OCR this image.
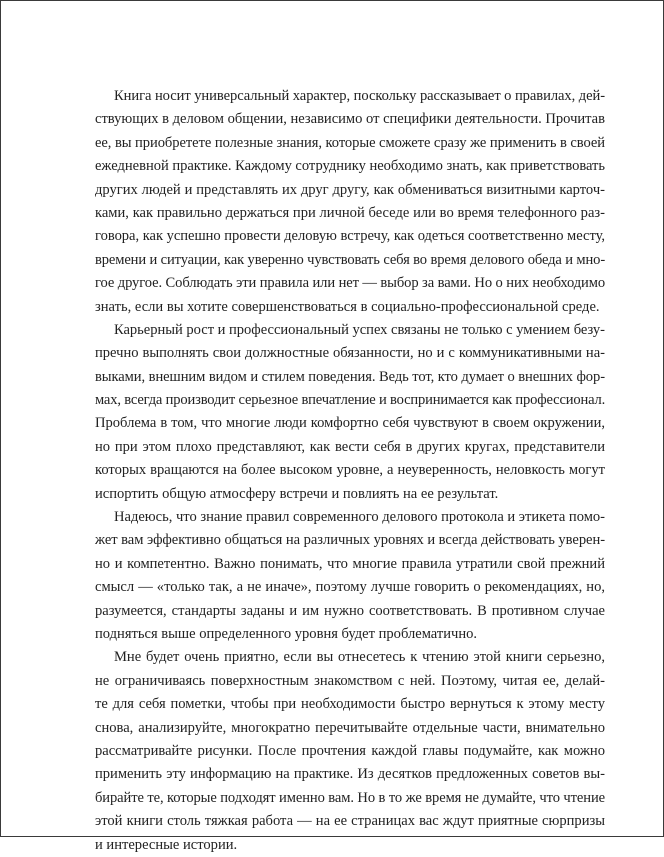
Книга носит универсальный характер, поскольку рассказывает о правилах, дей-
ствующих в деловом общении, независимо от специфики деятельности. Прочитав
ее, вы приобретете полезные знания, которые сможете сразу же применить в своей
ежедневной практике. Каждому сотруднику необходимо знать, как приветствовать
других людей и представлять их друг другу, как обмениваться визитными карточ-
ками, как правильно держаться при личной беседе или во время телефонного раз-
говора, как успешно провести деловую встречу, как одеться соответственно месту,
времени и ситуации, как уверенно чувствовать себя во время делового обеда и мно-
гое другое. Соблюдать эти правила или нет — выбор за вами. Но о них необходимо
знать, если вы хотите совершенствоваться в социально-профессиональной среде.
Карьерный рост и профессиональный успех связаны не только с умением безу-
пречно выполнять свои должностные обязанности, но и с коммуникативными на-
выками, внешним видом и стилем поведения. Ведь тот, кто думает о внешних фор-
мах, всегда производит серьезное впечатление и воспринимается как профессионал.
Проблема в том, что многие люди комфортно себя чувствуют в своем окружении,
но при этом плохо представляют, как вести себя в других кругах, представители
которых вращаются на более высоком уровне, а неуверенность, неловкость могут
испортить общую атмосферу встречи и повлиять на ее результат.
Надеюсь, что знание правил современного делового протокола и этикета помо-
жет вам эффективно общаться на различных уровнях и всегда действовать уверен-
но и компетентно. Важно понимать, что многие правила утратили свой прежний
смысл — «только так, а не иначе», поэтому лучше говорить о рекомендациях, но,
разумеется, стандарты заданы и им нужно соответствовать. В противном случае
подняться выше определенного уровня будет проблематично.
Мне будет очень приятно, если вы отнесетесь к чтению этой книги серьезно,
не ограничиваясь поверхностным знакомством с ней. Поэтому, читая ее, делай-
те для себя пометки, чтобы при необходимости быстро вернуться к этому месту
снова, анализируйте, многократно перечитывайте отдельные части, внимательно
рассматривайте рисунки. После прочтения каждой главы подумайте, как можно
применить эту информацию на практике. Из десятков предложенных советов вы-
бирайте те, которые подходят именно вам. Но в то же время не думайте, что чтение
этой книги столь тяжкая работа — на ее страницах вас ждут приятные сюрпризы
и интересные истории.
